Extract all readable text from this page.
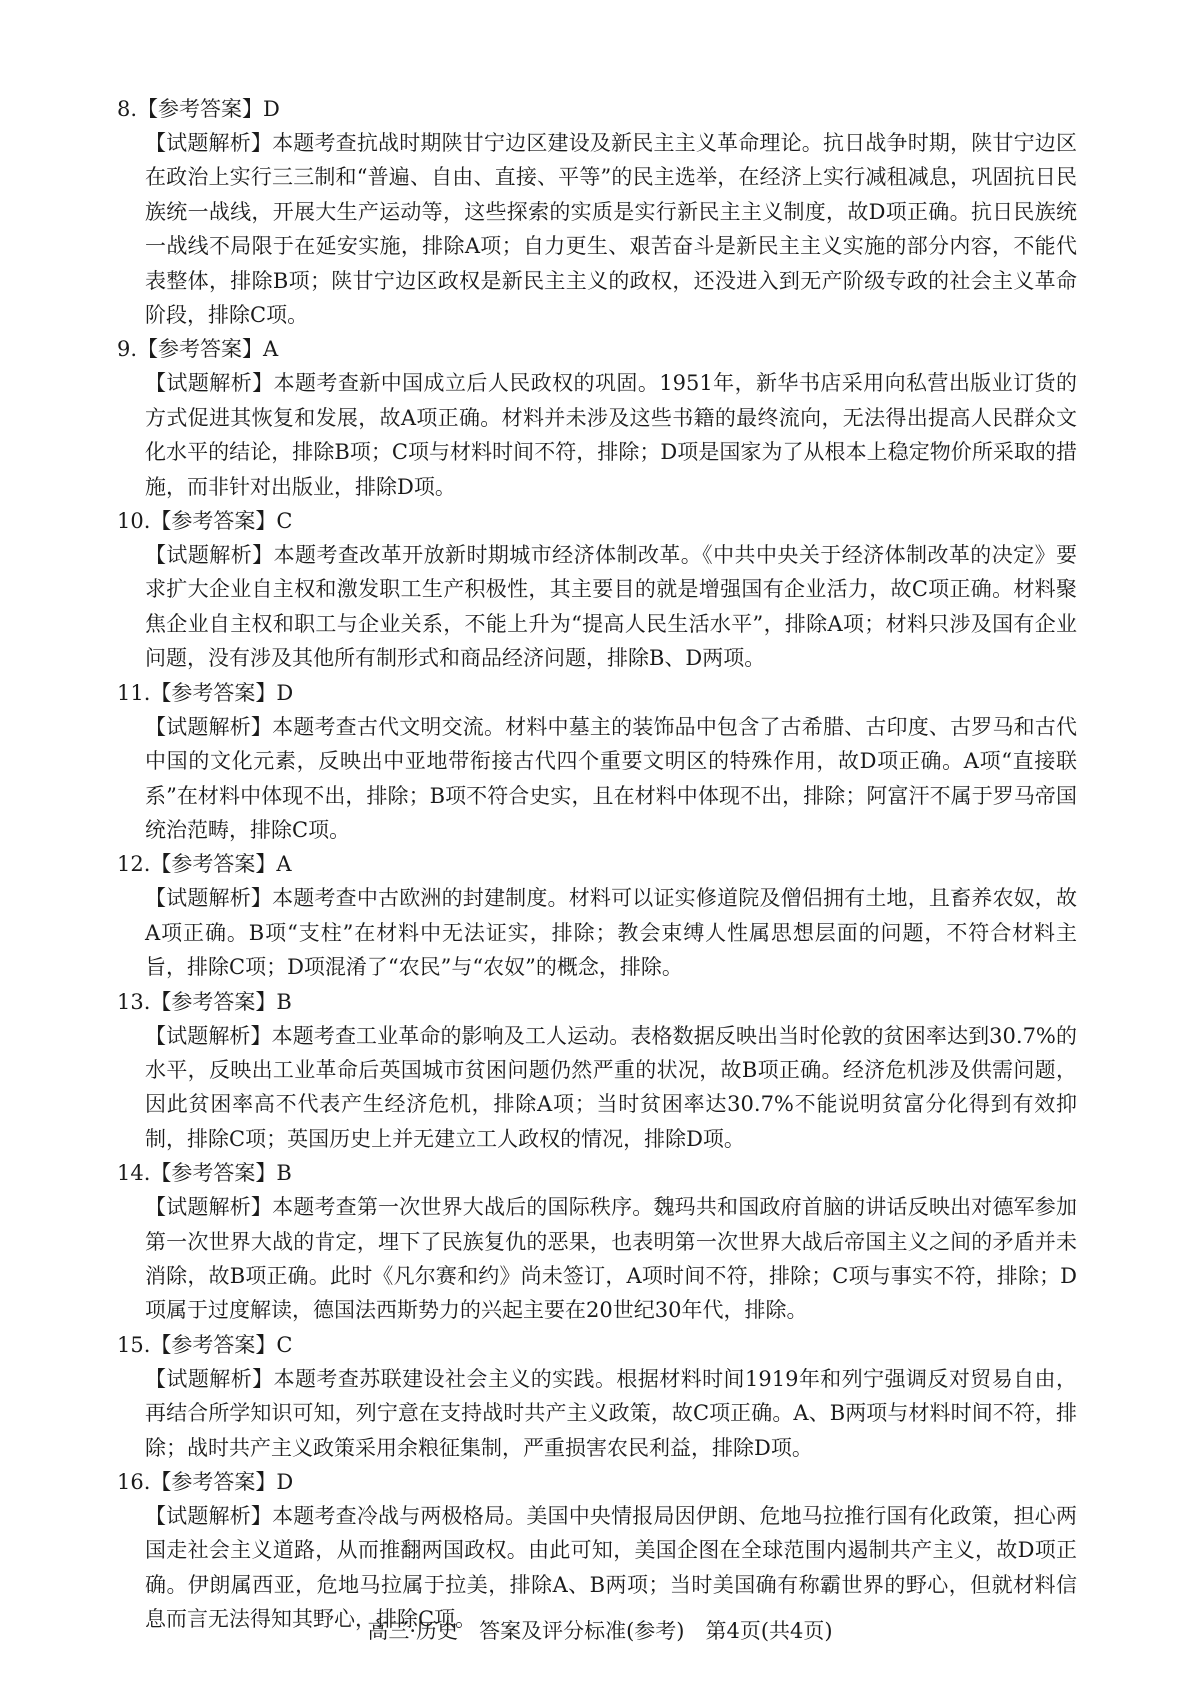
8.【参考答案】D
【试题解析】本题考查抗战时期陕甘宁边区建设及新民主主义革命理论。抗日战争时期，陕甘宁边区在政治上实行三三制和“普遍、自由、直接、平等”的民主选举，在经济上实行减租减息，巩固抗日民族统一战线，开展大生产运动等，这些探索的实质是实行新民主主义制度，故D项正确。抗日民族统一战线不局限于在延安实施，排除A项；自力更生、艰苦奋斗是新民主主义实施的部分内容，不能代表整体，排除B项；陕甘宁边区政权是新民主主义的政权，还没进入到无产阶级专政的社会主义革命阶段，排除C项。
9.【参考答案】A
【试题解析】本题考查新中国成立后人民政权的巩固。1951年，新华书店采用向私营出版业订货的方式促进其恢复和发展，故A项正确。材料并未涉及这些书籍的最终流向，无法得出提高人民群众文化水平的结论，排除B项；C项与材料时间不符，排除；D项是国家为了从根本上稳定物价所采取的措施，而非针对出版业，排除D项。
10.【参考答案】C
【试题解析】本题考查改革开放新时期城市经济体制改革。《中共中央关于经济体制改革的决定》要求扩大企业自主权和激发职工生产积极性，其主要目的就是增强国有企业活力，故C项正确。材料聚焦企业自主权和职工与企业关系，不能上升为“提高人民生活水平”，排除A项；材料只涉及国有企业问题，没有涉及其他所有制形式和商品经济问题，排除B、D两项。
11.【参考答案】D
【试题解析】本题考查古代文明交流。材料中墓主的装饰品中包含了古希腊、古印度、古罗马和古代中国的文化元素，反映出中亚地带衔接古代四个重要文明区的特殊作用，故D项正确。A项“直接联系”在材料中体现不出，排除；B项不符合史实，且在材料中体现不出，排除；阿富汗不属于罗马帝国统治范畴，排除C项。
12.【参考答案】A
【试题解析】本题考查中古欧洲的封建制度。材料可以证实修道院及僧侣拥有土地，且畜养农奴，故A项正确。B项“支柱”在材料中无法证实，排除；教会束缚人性属思想层面的问题，不符合材料主旨，排除C项；D项混淆了“农民”与“农奴”的概念，排除。
13.【参考答案】B
【试题解析】本题考查工业革命的影响及工人运动。表格数据反映出当时伦敦的贫困率达到30.7%的水平，反映出工业革命后英国城市贫困问题仍然严重的状况，故B项正确。经济危机涉及供需问题，因此贫困率高不代表产生经济危机，排除A项；当时贫困率达30.7%不能说明贫富分化得到有效抑制，排除C项；英国历史上并无建立工人政权的情况，排除D项。
14.【参考答案】B
【试题解析】本题考查第一次世界大战后的国际秩序。魏玛共和国政府首脑的讲话反映出对德军参加第一次世界大战的肯定，埋下了民族复仇的恶果，也表明第一次世界大战后帝国主义之间的矛盾并未消除，故B项正确。此时《凡尔赛和约》尚未签订，A项时间不符，排除；C项与事实不符，排除；D项属于过度解读，德国法西斯势力的兴起主要在20世纪30年代，排除。
15.【参考答案】C
【试题解析】本题考查苏联建设社会主义的实践。根据材料时间1919年和列宁强调反对贸易自由，再结合所学知识可知，列宁意在支持战时共产主义政策，故C项正确。A、B两项与材料时间不符，排除；战时共产主义政策采用余粮征集制，严重损害农民利益，排除D项。
16.【参考答案】D
【试题解析】本题考查冷战与两极格局。美国中央情报局因伊朗、危地马拉推行国有化政策，担心两国走社会主义道路，从而推翻两国政权。由此可知，美国企图在全球范围内遏制共产主义，故D项正确。伊朗属西亚，危地马拉属于拉美，排除A、B两项；当时美国确有称霸世界的野心，但就材料信息而言无法得知其野心，排除C项。
高三·历史　答案及评分标准(参考)　第4页(共4页)
